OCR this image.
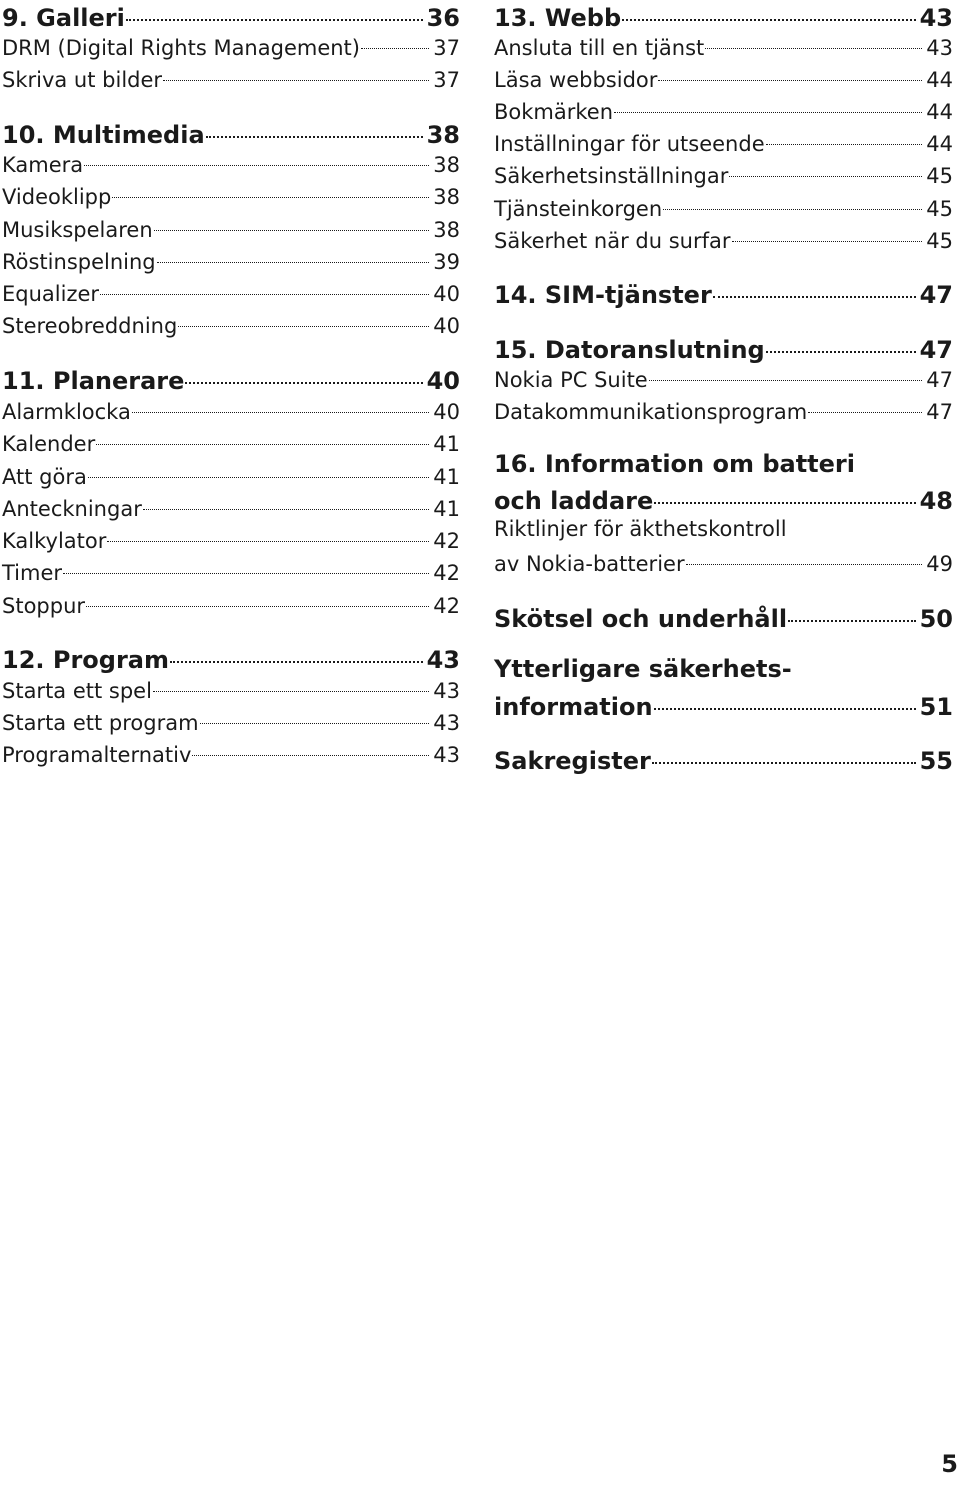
9. Galleri	36
DRM (Digital Rights Management)	37
Skriva ut bilder	37
10. Multimedia	38
Kamera	38
Videoklipp	38
Musikspelaren	38
Röstinspelning	39
Equalizer	40
Stereobreddning	40
11. Planerare	40
Alarmklocka	40
Kalender	41
Att göra	41
Anteckningar	41
Kalkylator	42
Timer	42
Stoppur	42
12. Program	43
Starta ett spel	43
Starta ett program	43
Programalternativ	43
13. Webb	43
Ansluta till en tjänst	43
Läsa webbsidor	44
Bokmärken	44
Inställningar för utseende	44
Säkerhetsinställningar	45
Tjänsteinkorgen	45
Säkerhet när du surfar	45
14. SIM-tjänster	47
15. Datoranslutning	47
Nokia PC Suite	47
Datakommunikationsprogram	47
16. Information om batteri
och laddare	48
Riktlinjer för äkthetskontroll
av Nokia-batterier	49
Skötsel och underhåll	50
Ytterligare säkerhets-
information	51
Sakregister	55
5
